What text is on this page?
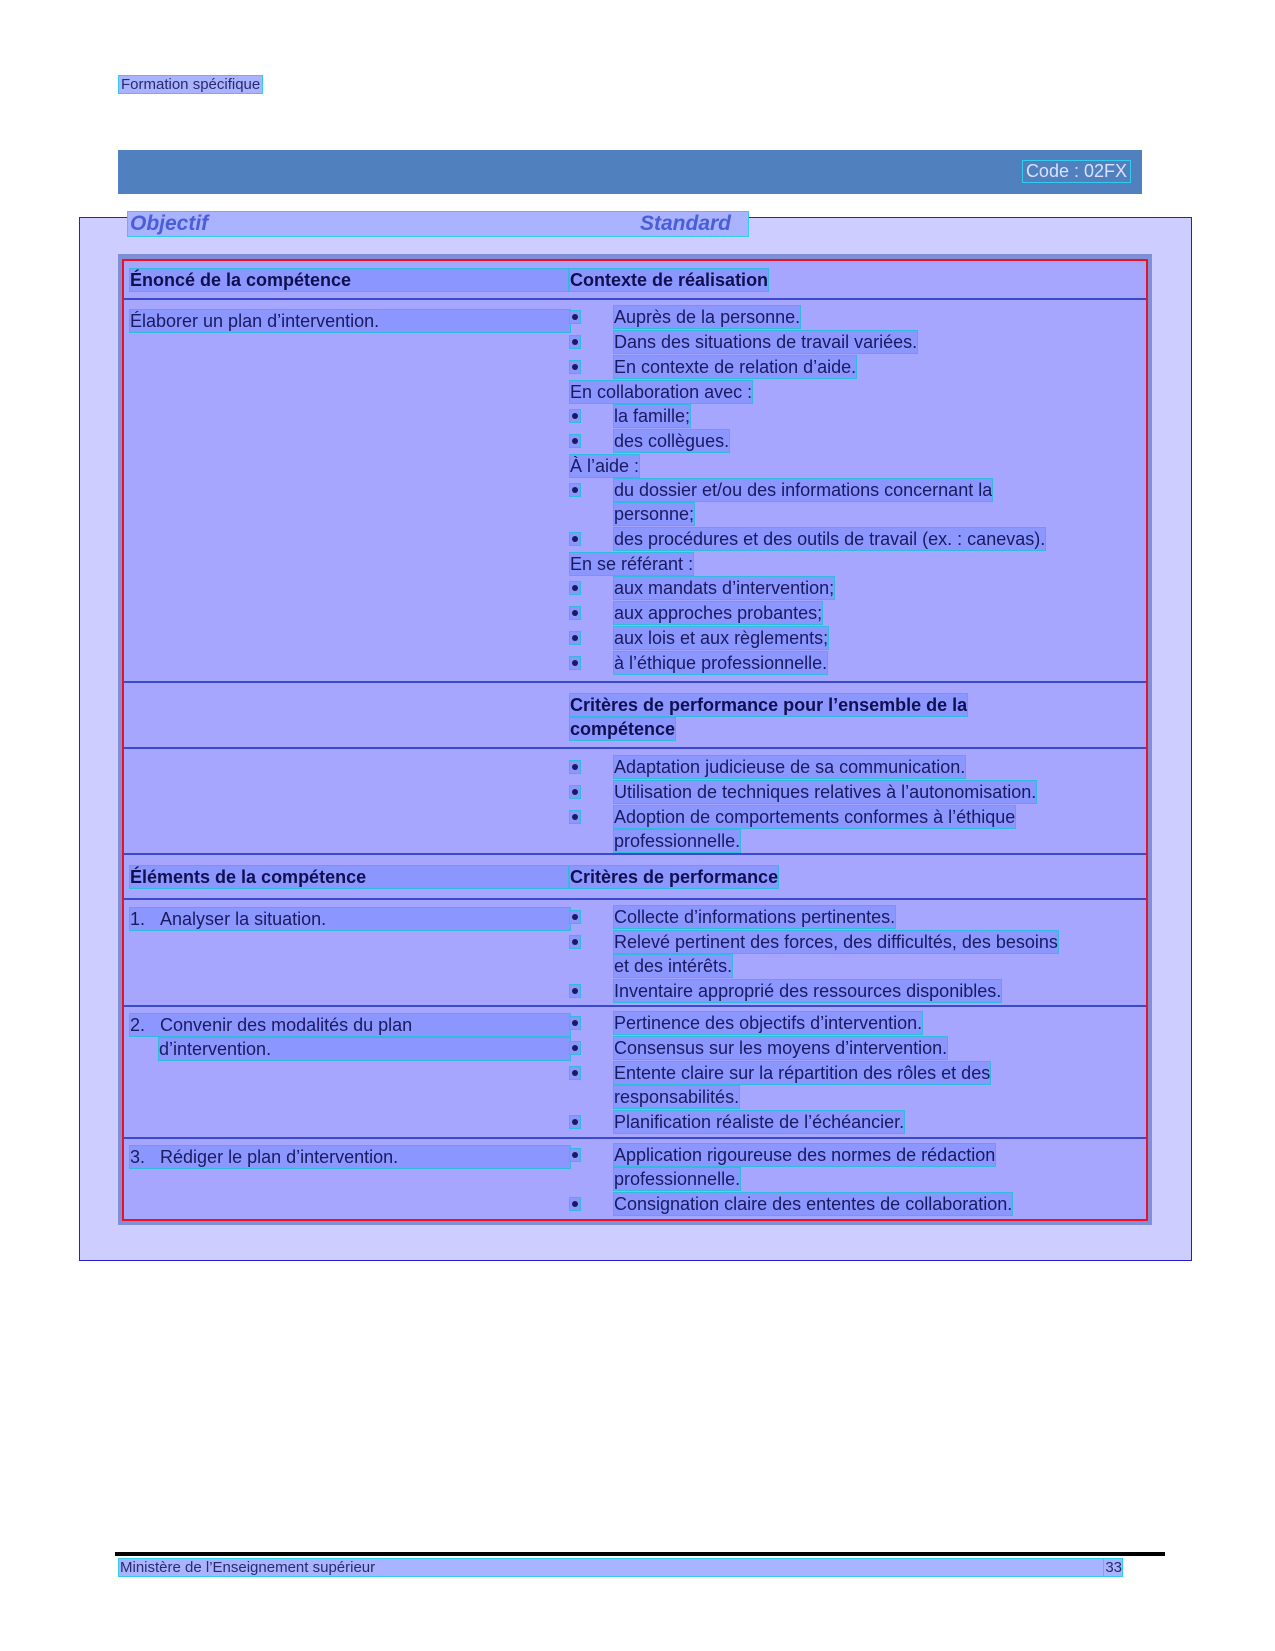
Formation spécifique
Code : 02FX
Objectif	Standard
Énoncé de la compétence	Contexte de réalisation
Élaborer un plan d’intervention.	Auprès de la personne.
Dans des situations de travail variées.
En contexte de relation d’aide.
En collaboration avec :
la famille;
des collègues.
À l’aide :
du dossier et/ou des informations concernant la
personne;
des procédures et des outils de travail (ex. : canevas).
En se référant :
aux mandats d’intervention;
aux approches probantes;
aux lois et aux règlements;
à l’éthique professionnelle.
Critères de performance pour l’ensemble de la
compétence
Adaptation judicieuse de sa communication.
Utilisation de techniques relatives à l’autonomisation.
Adoption de comportements conformes à l’éthique
professionnelle.
Éléments de la compétence	Critères de performance
1. Analyser la situation.	Collecte d’informations pertinentes.
Relevé pertinent des forces, des difficultés, des besoins
et des intérêts.
Inventaire approprié des ressources disponibles.
2. Convenir des modalités du plan
d’intervention.
Pertinence des objectifs d’intervention.
Consensus sur les moyens d’intervention.
Entente claire sur la répartition des rôles et des
responsabilités.
Planification réaliste de l’échéancier.
3. Rédiger le plan d’intervention.	Application rigoureuse des normes de rédaction
professionnelle.
Consignation claire des ententes de collaboration.
Ministère de l’Enseignement supérieur	33
